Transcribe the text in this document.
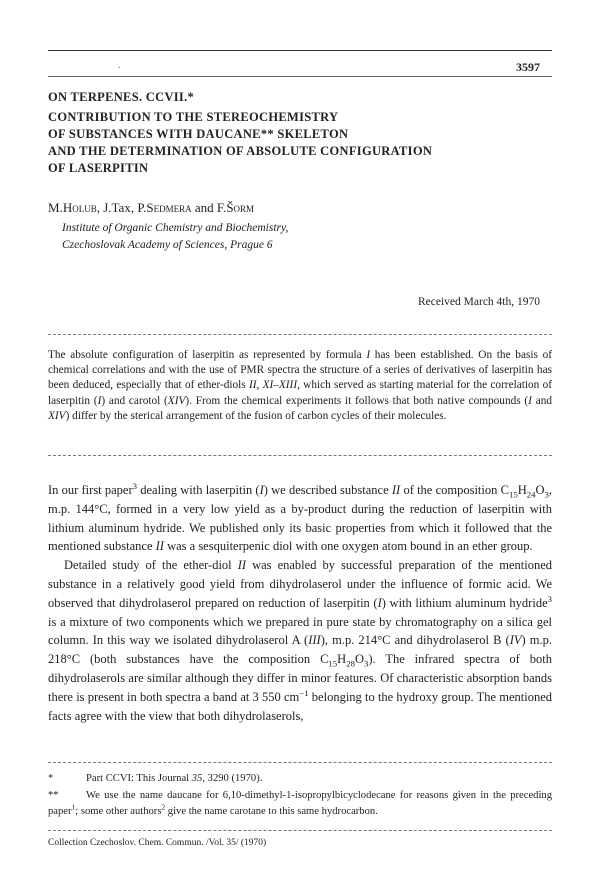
.	3597
ON TERPENES. CCVII.*
CONTRIBUTION TO THE STEREOCHEMISTRY
OF SUBSTANCES WITH DAUCANE** SKELETON
AND THE DETERMINATION OF ABSOLUTE CONFIGURATION
OF LASERPITIN
M.Holub, J.Tax, P.Sedmera and F.Šorm
Institute of Organic Chemistry and Biochemistry,
Czechoslovak Academy of Sciences, Prague 6
Received March 4th, 1970
The absolute configuration of laserpitin as represented by formula I has been established. On the basis of chemical correlations and with the use of PMR spectra the structure of a series of derivatives of laserpitin has been deduced, especially that of ether-diols II, XI–XIII, which served as starting material for the correlation of laserpitin (I) and carotol (XIV). From the chemical experiments it follows that both native compounds (I and XIV) differ by the sterical arrangement of the fusion of carbon cycles of their molecules.

In our first paper$^3$ dealing with laserpitin (I) we described substance II of the composition $C_{15}H_{24}O_3$, m.p. 144°C, formed in a very low yield as a by-product during the reduction of laserpitin with lithium aluminum hydride. We published only its basic properties from which it followed that the mentioned substance II was a sesquiterpenic diol with one oxygen atom bound in an ether group.

Detailed study of the ether-diol II was enabled by successful preparation of the mentioned substance in a relatively good yield from dihydrolaserol under the influence of formic acid. We observed that dihydrolaserol prepared on reduction of laserpitin (I) with lithium aluminum hydride$^3$ is a mixture of two components which we prepared in pure state by chromatography on a silica gel column. In this way we isolated dihydrolaserol A (III), m.p. 214°C and dihydrolaserol B (IV) m.p. 218°C (both substances have the composition $C_{15}H_{28}O_3$). The infrared spectra of both dihydrolaserols are similar although they differ in minor features. Of characteristic absorption bands there is present in both spectra a band at 3 550 $cm^{-1}$ belonging to the hydroxy group. The mentioned facts agree with the view that both dihydrolaserols,

*	Part CCVI: This Journal 35, 3290 (1970).
**	We use the name daucane for 6,10-dimethyl-1-isopropylbicyclodecane for reasons given in the preceding paper$^1$; some other authors$^2$ give the name carotane to this same hydrocarbon.
Collection Czechoslov. Chem. Commun. /Vol. 35/ (1970)
